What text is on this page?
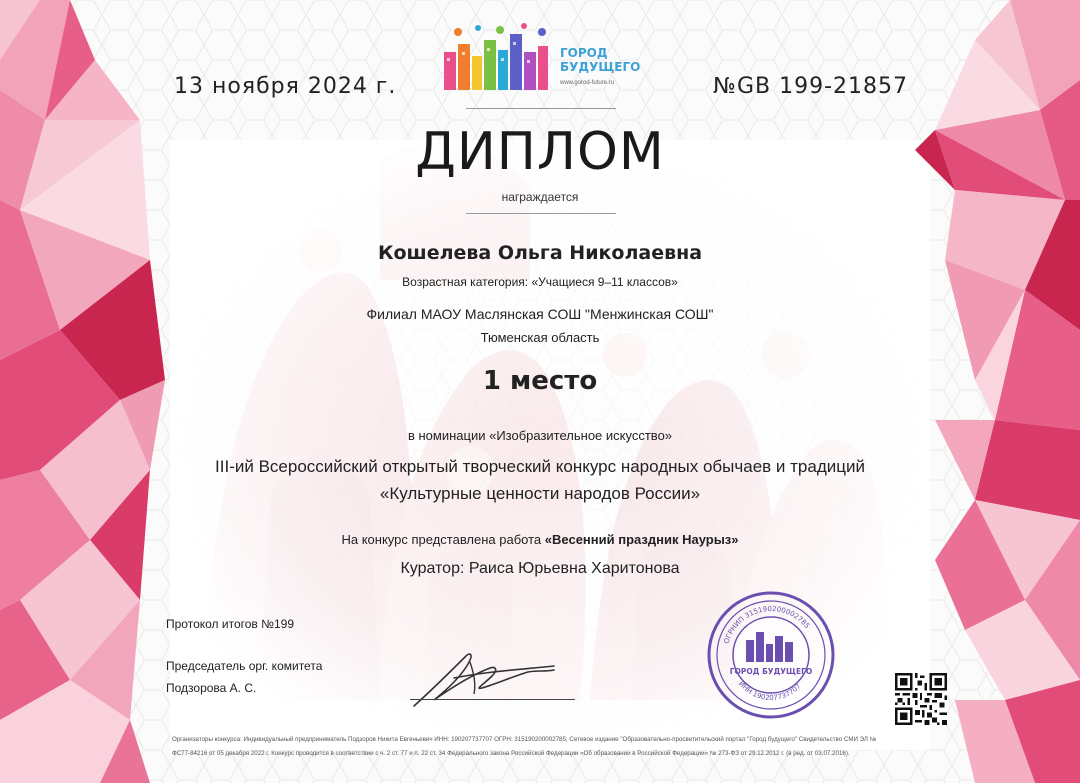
13 ноября 2024 г.	№GB 199-21857
ГОРОД
БУДУЩЕГО
www.gorod-future.ru
ДИПЛОМ
награждается
Кошелева Ольга Николаевна
Возрастная категория: «Учащиеся 9–11 классов»
Филиал МАОУ Маслянская СОШ "Менжинская СОШ"
Тюменская область
1 место
в номинации «Изобразительное искусство»
III-ий Всероссийский открытый творческий конкурс народных обычаев и традиций «Культурные ценности народов России»
На конкурс представлена работа «Весенний праздник Наурыз»
Куратор: Раиса Юрьевна Харитонова
Протокол итогов №199
Председатель орг. комитета
Подзорова А. С.
ОГРНИП 315190200002785
ИНН 190207737707
ГОРОД БУДУЩЕГО
Организаторы конкурса: Индивидуальный предприниматель Подзоров Никита Евгеньевич ИНН: 190207737707 ОГРН: 315190200002785; Сетевое издание "Образовательно-просветительский портал "Город будущего" Свидетельство СМИ ЭЛ №
ФС77-84216 от 05 декабря 2022 г. Конкурс проводится в соответствии с ч. 2 ст. 77 и п. 22 ст. 34 Федерального закона Российской Федерации «Об образовании в Российской Федерации» № 273-ФЗ от 29.12.2012 г. (в ред. от 03.07.2016).
